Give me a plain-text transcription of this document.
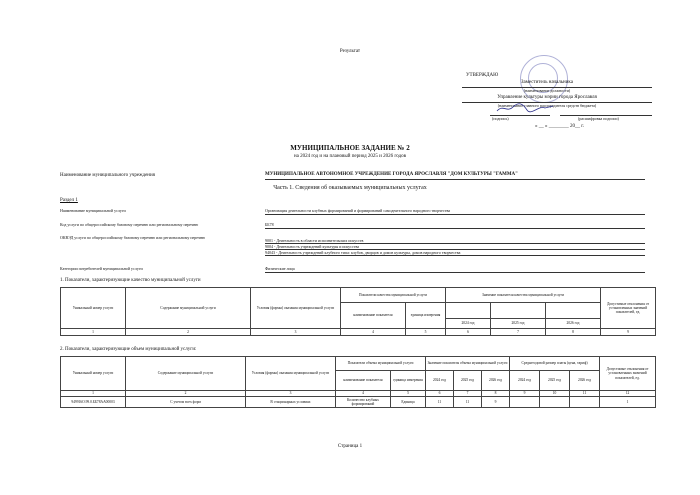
Результат
УТВЕРЖДАЮ
Заместитель начальника
(наименование должности)
Управление культуры мэрии города Ярославля
(наименование главного распорядителя средств бюджета)
(подпись)	(расшифровка подписи)
« __ » ________ 20__ г.
МУНИЦИПАЛЬНОЕ ЗАДАНИЕ № 2
на 2024 год и на плановый период 2025 и 2026 годов
Наименование муниципального учреждения	МУНИЦИПАЛЬНОЕ АВТОНОМНОЕ УЧРЕЖДЕНИЕ ГОРОДА ЯРОСЛАВЛЯ "ДОМ КУЛЬТУРЫ "ГАММА"
Часть 1. Сведения об оказываемых муниципальных услугах
Раздел 1
Наименование муниципальной услуги	Организация деятельности клубных формирований и формирований самодеятельного народного творчества
Код услуги по общероссийскому базовому перечню или региональному перечню	ББ78
ОКВЭД услуги по общероссийскому базовому перечню или региональному перечню
9001 - Деятельность в области исполнительских искусств
9004 - Деятельность учреждений культуры и искусства
94043 - Деятельность учреждений клубного типа: клубов, дворцов и домов культуры, домов народного творчества
Категории потребителей муниципальной услуги	Физические лица
1. Показатели, характеризующие качество муниципальной услуги
Уникальный номер услуги	Содержание муниципальной услуги	Условия (формы) оказания муниципальной услуги	Показатели качества муниципальной услуги		Значение показателя качества муниципальной услуги			Допустимые отклонения от установленных значений показателей, ед.
			наименование показателя	единица измерения				
					2024 год	2025 год	2026 год	
1	2	3	4	5	6	7	8	9
2. Показатели, характеризующие объем муниципальной услуги:
Уникальный номер услуги	Содержание муниципальной услуги	Условия (формы) оказания муниципальной услуги	Показатели объема муниципальной услуги		Значение показателя объема муниципальной услуги			Среднегодовой размер платы (цена, тариф)			Допустимые отклонения от установленных значений показателей, ед.
			наименование показателя	единица измерения	2024 год	2025 год	2026 год	2024 год	2025 год	2026 год	
1	2	3	4	5	6	7	8	9	10	11	12
949916О.99.0.ББ78АА00003	С учетом всех форм	В стационарных условиях	Количество клубных формирований	Единица	11	11	9				1
Страница 1
